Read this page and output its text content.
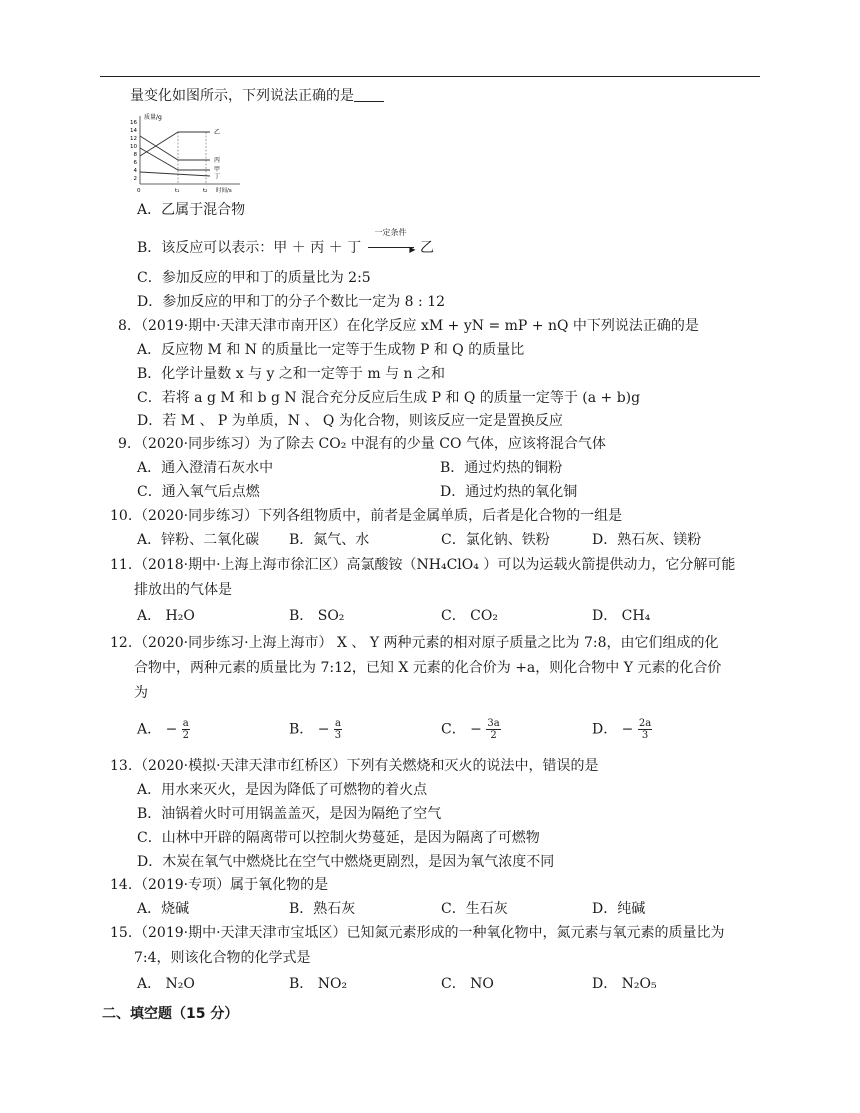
量变化如图所示，下列说法正确的是
质量/g
16
14
12
10
8
6
4
2
乙
丙
甲
丁
0	t₁	t₂ 时间/s
A．乙属于混合物
B．该反应可以表示：甲 ＋ 丙 ＋ 丁
一定条件
▶ 乙
C．参加反应的甲和丁的质量比为 2:5
D．参加反应的甲和丁的分子个数比一定为 8 : 12
8. （2019·期中·天津天津市南开区）在化学反应 xM + yN = mP + nQ 中下列说法正确的是
A．反应物 M 和 N 的质量比一定等于生成物 P 和 Q 的质量比
B．化学计量数 x 与 y 之和一定等于 m 与 n 之和
C．若将 a g M 和 b g N 混合充分反应后生成 P 和 Q 的质量一定等于 (a + b)g
D．若 M 、 P 为单质，N 、 Q 为化合物，则该反应一定是置换反应
9. （2020·同步练习）为了除去 CO₂ 中混有的少量 CO 气体，应该将混合气体
A．通入澄清石灰水中	B．通过灼热的铜粉
C．通入氧气后点燃	D．通过灼热的氧化铜
10. （2020·同步练习）下列各组物质中，前者是金属单质，后者是化合物的一组是
A．锌粉、二氧化碳 B．氮气、水	C．氯化钠、铁粉	D．熟石灰、镁粉
11. （2018·期中·上海上海市徐汇区）高氯酸铵（NH₄ClO₄ ）可以为运载火箭提供动力，它分解可能
排放出的气体是
A． H₂O	B． SO₂	C． CO₂	D． CH₄
12. （2020·同步练习·上海上海市） X 、 Y 两种元素的相对原子质量之比为 7:8，由它们组成的化
合物中，两种元素的质量比为 7:12，已知 X 元素的化合价为 +a，则化合物中 Y 元素的化合价
为
A． − $\frac{a}{2}$	B． − $\frac{a}{3}$	C． − $\frac{3a}{2}$	D． − $\frac{2a}{3}$
13. （2020·模拟·天津天津市红桥区）下列有关燃烧和灭火的说法中，错误的是
A．用水来灭火，是因为降低了可燃物的着火点
B．油锅着火时可用锅盖盖灭，是因为隔绝了空气
C．山林中开辟的隔离带可以控制火势蔓延，是因为隔离了可燃物
D．木炭在氧气中燃烧比在空气中燃烧更剧烈，是因为氧气浓度不同
14. （2019·专项）属于氧化物的是
A．烧碱	B．熟石灰	C．生石灰	D．纯碱
15. （2019·期中·天津天津市宝坻区）已知氮元素形成的一种氧化物中，氮元素与氧元素的质量比为
7:4，则该化合物的化学式是
A． N₂O	B． NO₂	C． NO	D． N₂O₅
二、填空题（15 分）
